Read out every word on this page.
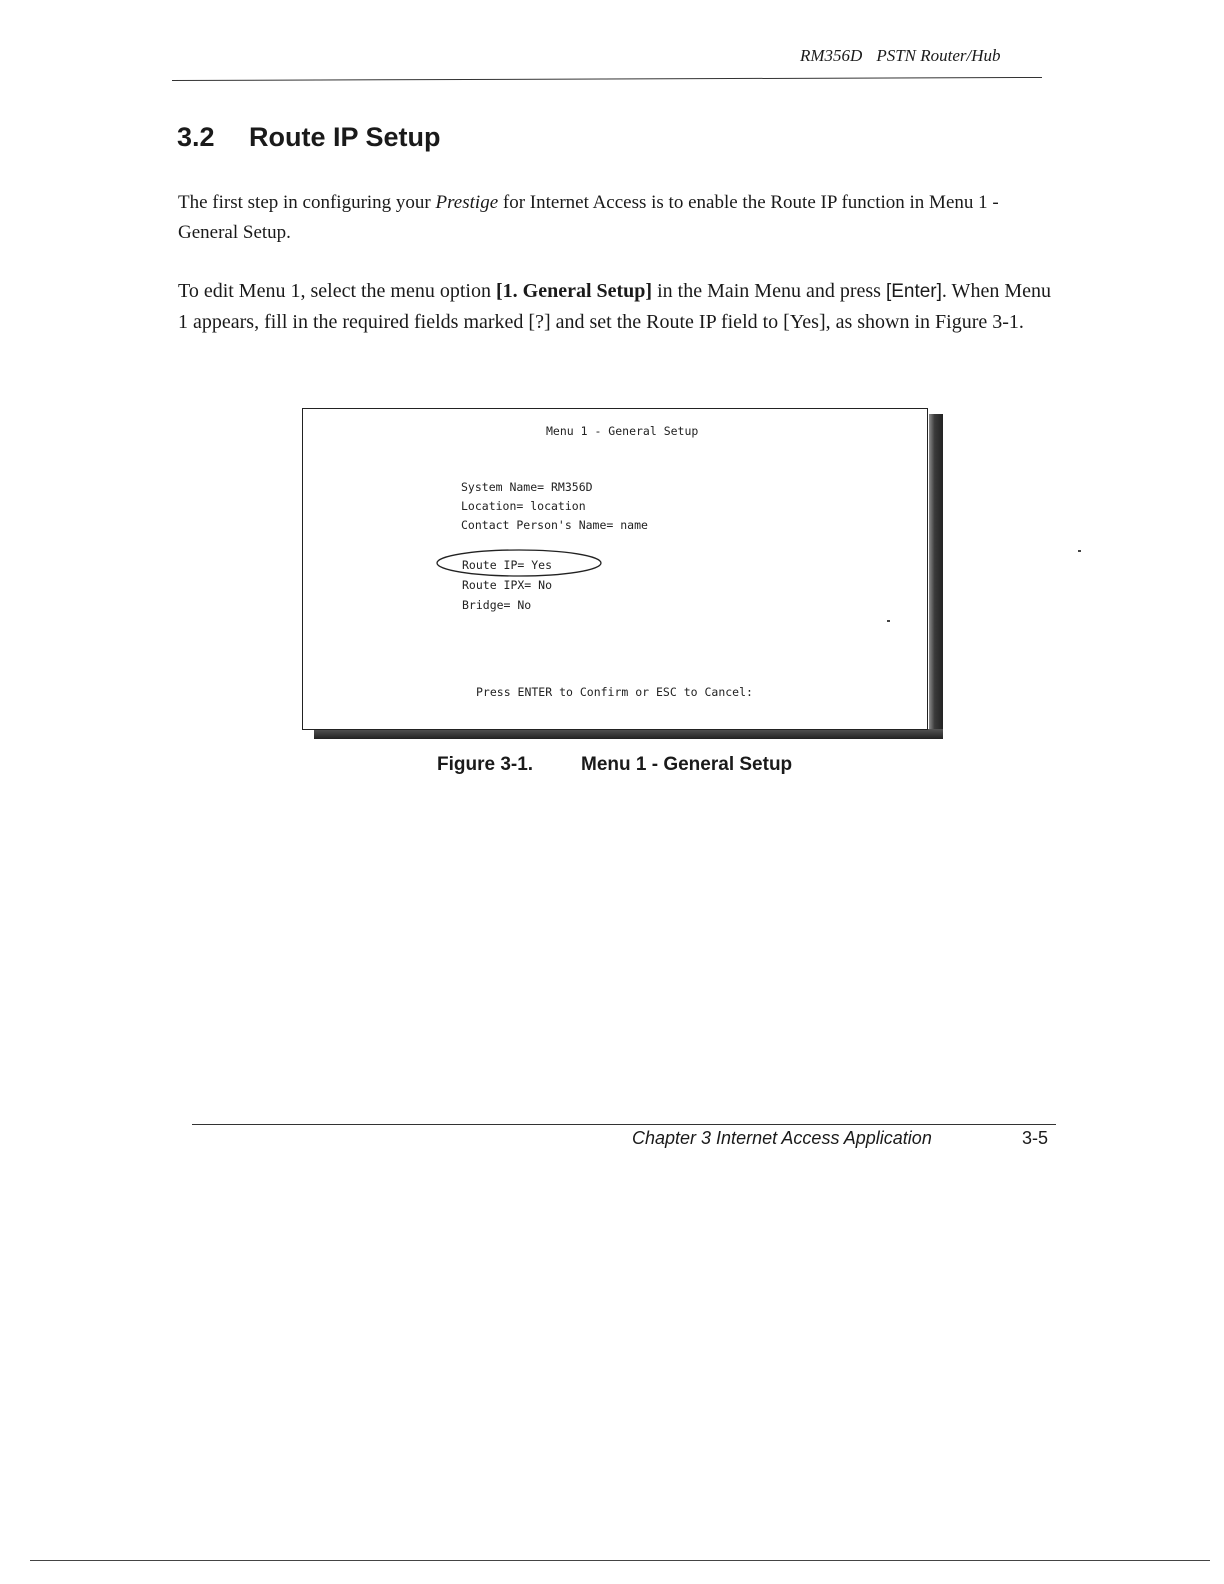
RM356D PSTN Router/Hub
3.2 Route IP Setup

The first step in configuring your Prestige for Internet Access is to enable the Route IP function in Menu 1 - General Setup.

To edit Menu 1, select the menu option [1. General Setup] in the Main Menu and press [Enter]. When Menu 1 appears, fill in the required fields marked [?] and set the Route IP field to [Yes], as shown in Figure 3-1.

Menu 1 - General Setup
System Name= RM356D
Location= location
Contact Person's Name= name
Route IP= Yes
Route IPX= No
Bridge= No
Press ENTER to Confirm or ESC to Cancel:
Figure 3-1.	Menu 1 - General Setup
Chapter 3 Internet Access Application	3-5
